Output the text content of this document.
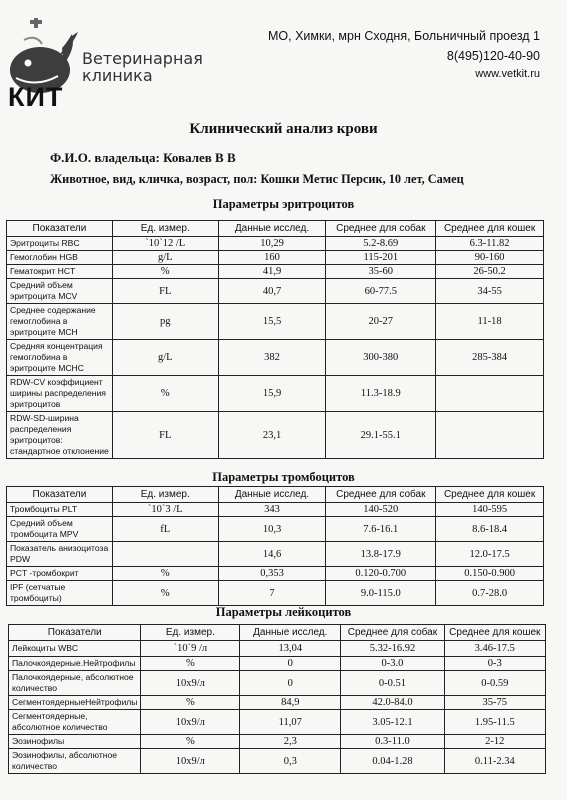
Ветеринарная
клиника
КИТ
МО, Химки, мрн Сходня, Больничный проезд 1
8(495)120-40-90
www.vetkit.ru
Клинический анализ крови
Ф.И.О. владельца: Ковалев В В
Животное, вид, кличка, возраст, пол: Кошки Метис Персик, 10 лет, Самец
Параметры эритроцитов
Показатели	Ед. измер.	Данные исслед.	Среднее для собак	Среднее для кошек
Эритроциты RBC	`10`12 /L	10,29	5.2-8.69	6.3-11.82
Гемоглобин HGB	g/L	160	115-201	90-160
Гематокрит HCT	%	41,9	35-60	26-50.2
Средний объем эритроцита MCV	FL	40,7	60-77.5	34-55
Среднее содержание гемоглобина в эритроците MCH	pg	15,5	20-27	11-18
Средняя концентрация гемоглобина в эритроците MCHC	g/L	382	300-380	285-384
RDW-CV коэффициент ширины распределения эритроцитов	%	15,9	11.3-18.9	
RDW-SD-ширина распределения эритроцитов: стандартное отклонение	FL	23,1	29.1-55.1	
Параметры тромбоцитов
Показатели	Ед. измер.	Данные исслед.	Среднее для собак	Среднее для кошек
Тромбоциты PLT	`10`3 /L	343	140-520	140-595
Средний объем тромбоцита MPV	fL	10,3	7.6-16.1	8.6-18.4
Показатель анизоцитоза PDW		14,6	13.8-17.9	12.0-17.5
PCT -тромбокрит	%	0,353	0.120-0.700	0.150-0.900
IPF (сетчатые тромбоциты)	%	7	9.0-115.0	0.7-28.0
Параметры лейкоцитов
Показатели	Ед. измер.	Данные исслед.	Среднее для собак	Среднее для кошек
Лейкоциты WBC	`10`9 /л	13,04	5.32-16.92	3.46-17.5
Палочкоядерные.Нейтрофилы	%	0	0-3.0	0-3
Палочкоядерные, абсолютное количество	10х9/л	0	0-0.51	0-0.59
СегментоядерныеНейтрофилы	%	84,9	42.0-84.0	35-75
Сегментоядерные, абсолютное количество	10х9/л	11,07	3.05-12.1	1.95-11.5
Эозинофилы	%	2,3	0.3-11.0	2-12
Эозинофилы, абсолютное количество	10х9/л	0,3	0.04-1.28	0.11-2.34
